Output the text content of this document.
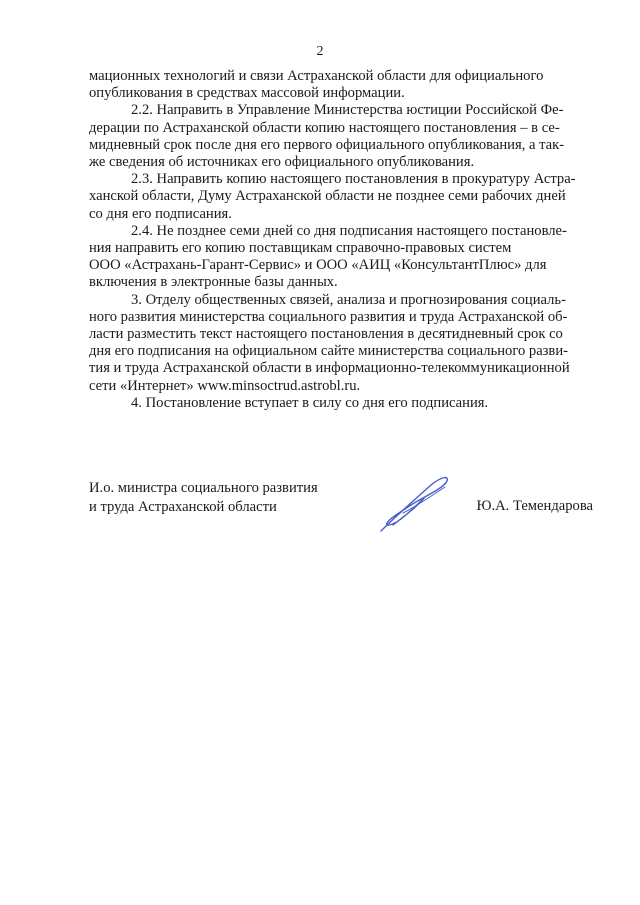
2

мационных технологий и связи Астраханской области для официального
опубликования в средствах массовой информации.

2.2. Направить в Управление Министерства юстиции Российской Фе-
дерации по Астраханской области копию настоящего постановления – в се-
мидневный срок после дня его первого официального опубликования, а так-
же сведения об источниках его официального опубликования.

2.3. Направить копию настоящего постановления в прокуратуру Астра-
ханской области, Думу Астраханской области не позднее семи рабочих дней
со дня его подписания.

2.4. Не позднее семи дней со дня подписания настоящего постановле-
ния направить его копию поставщикам справочно-правовых систем
ООО «Астрахань-Гарант-Сервис» и ООО «АИЦ «КонсультантПлюс» для
включения в электронные базы данных.

3. Отделу общественных связей, анализа и прогнозирования социаль-
ного развития министерства социального развития и труда Астраханской об-
ласти разместить текст настоящего постановления в десятидневный срок со
дня его подписания на официальном сайте министерства социального разви-
тия и труда Астраханской области в информационно-телекоммуникационной
сети «Интернет» www.minsoctrud.astrobl.ru.

4. Постановление вступает в силу со дня его подписания.

И.о. министра социального развития
и труда Астраханской области	Ю.А. Темендарова
